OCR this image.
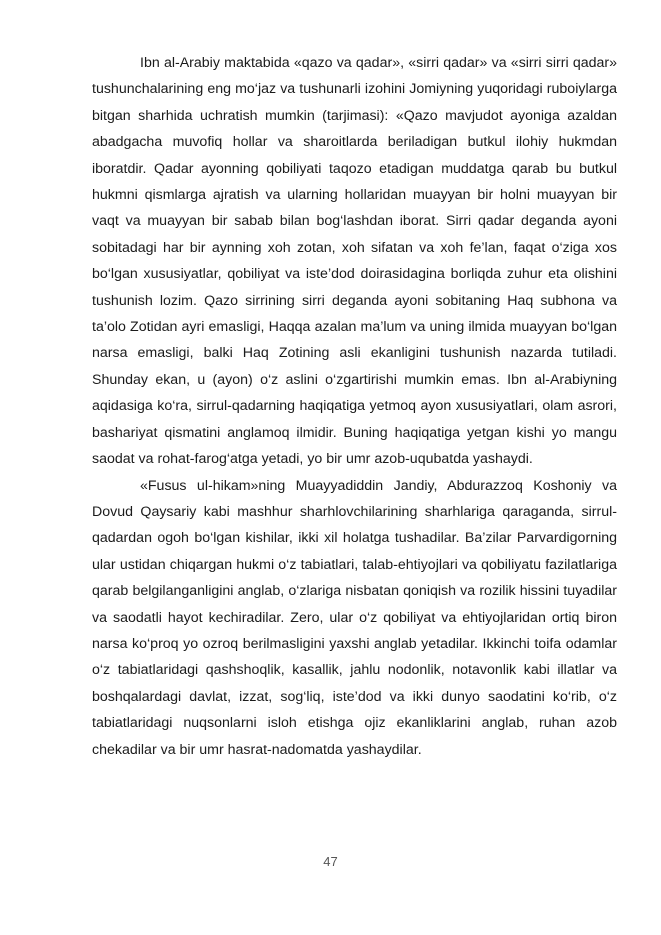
Ibn al-Arabiy maktabida «qazo va qadar», «sirri qadar» va «sirri sirri qadar» tushunchalarining eng mo‘jaz va tushunarli izohini Jomiyning yuqoridagi ruboiylarga bitgan sharhida uchratish mumkin (tarjimasi): «Qazo mavjudot ayoniga azaldan abadgacha muvofiq hollar va sharoitlarda beriladigan butkul ilohiy hukmdan iboratdir. Qadar ayonning qobiliyati taqozo etadigan muddatga qarab bu butkul hukmni qismlarga ajratish va ularning hollaridan muayyan bir holni muayyan bir vaqt va muayyan bir sabab bilan bog‘lashdan iborat. Sirri qadar deganda ayoni sobitadagi har bir aynning xoh zotan, xoh sifatan va xoh fe’lan, faqat o‘ziga xos bo‘lgan xususiyatlar, qobiliyat va iste’dod doirasidagina borliqda zuhur eta olishini tushunish lozim. Qazo sirrining sirri deganda ayoni sobitaning Haq subhona va ta’olo Zotidan ayri emasligi, Haqqa azalan ma’lum va uning ilmida muayyan bo‘lgan narsa emasligi, balki Haq Zotining asli ekanligini tushunish nazarda tutiladi. Shunday ekan, u (ayon) o‘z aslini o‘zgartirishi mumkin emas. Ibn al-Arabiyning aqidasiga ko‘ra, sirrul-qadarning haqiqatiga yetmoq ayon xususiyatlari, olam asrori, bashariyat qismatini anglamoq ilmidir. Buning haqiqatiga yetgan kishi yo mangu saodat va rohat-farog‘atga yetadi, yo bir umr azob-uqubatda yashaydi.

«Fusus ul-hikam»ning Muayyadiddin Jandiy, Abdurazzoq Koshoniy va Dovud Qaysariy kabi mashhur sharhlovchilarining sharhlariga qaraganda, sirrul-qadardan ogoh bo‘lgan kishilar, ikki xil holatga tushadilar. Ba’zilar Parvardigorning ular ustidan chiqargan hukmi o‘z tabiatlari, talab-ehtiyojlari va qobiliyatu fazilatlariga qarab belgilanganligini anglab, o‘zlariga nisbatan qoniqish va rozilik hissini tuyadilar va saodatli hayot kechiradilar. Zero, ular o‘z qobiliyat va ehtiyojlaridan ortiq biron narsa ko‘proq yo ozroq berilmasligini yaxshi anglab yetadilar. Ikkinchi toifa odamlar o‘z tabiatlaridagi qashshoqlik, kasallik, jahlu nodonlik, notavonlik kabi illatlar va boshqalardagi davlat, izzat, sog‘liq, iste’dod va ikki dunyo saodatini ko‘rib, o‘z tabiatlaridagi nuqsonlarni isloh etishga ojiz ekanliklarini anglab, ruhan azob chekadilar va bir umr hasrat-nadomatda yashaydilar.

47
